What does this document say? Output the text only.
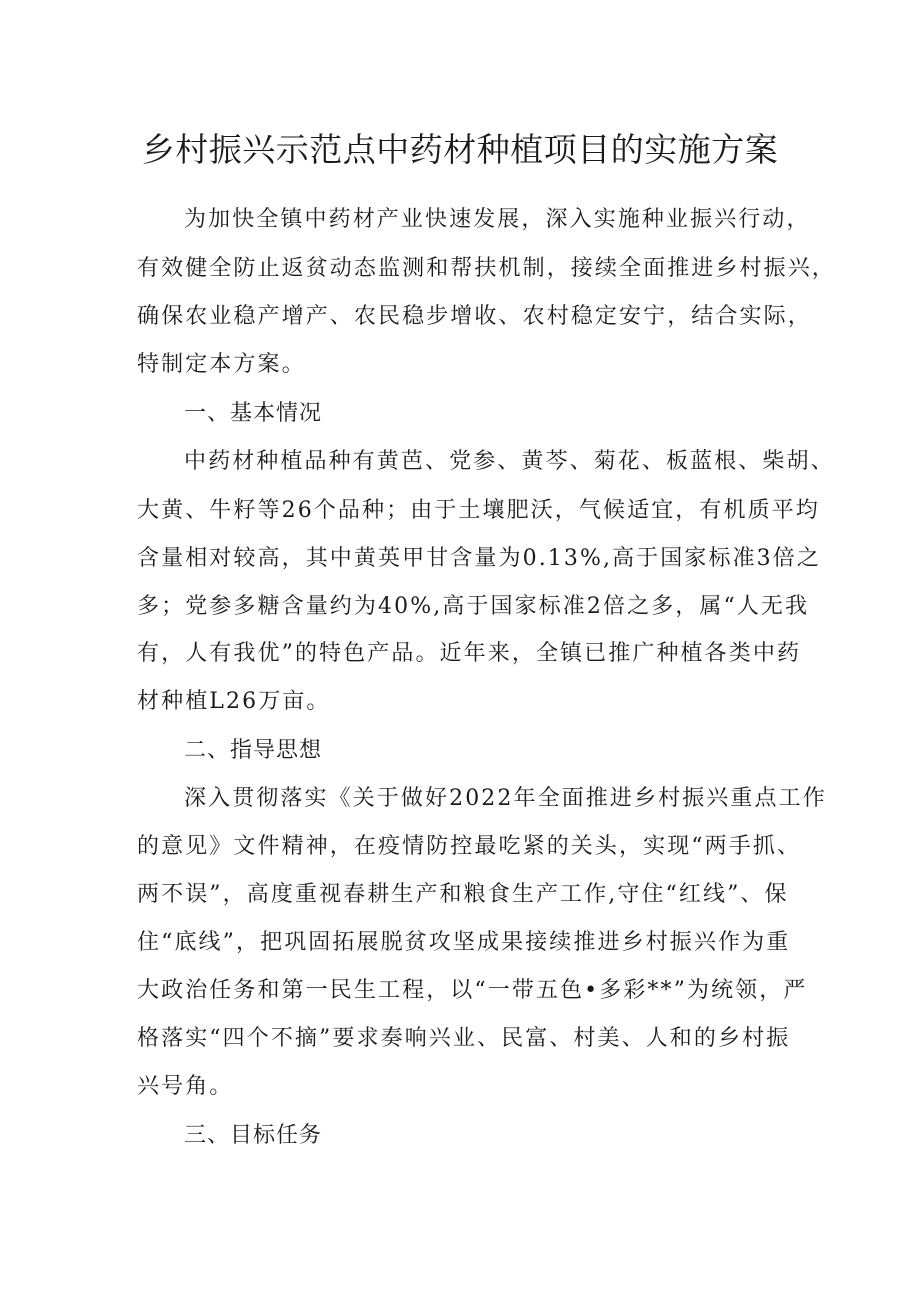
乡村振兴示范点中药材种植项目的实施方案
为加快全镇中药材产业快速发展，深入实施种业振兴行动，
有效健全防止返贫动态监测和帮扶机制，接续全面推进乡村振兴，
确保农业稳产增产、农民稳步增收、农村稳定安宁，结合实际，
特制定本方案。
一、基本情况
中药材种植品种有黄芭、党参、黄芩、菊花、板蓝根、柴胡、
大黄、牛籽等26个品种；由于土壤肥沃，气候适宜，有机质平均
含量相对较高，其中黄英甲甘含量为0.13%,高于国家标准3倍之
多；党参多糖含量约为40%,高于国家标准2倍之多，属“人无我
有，人有我优”的特色产品。近年来，全镇已推广种植各类中药
材种植L26万亩。
二、指导思想
深入贯彻落实《关于做好2022年全面推进乡村振兴重点工作
的意见》文件精神，在疫情防控最吃紧的关头，实现“两手抓、
两不误”，高度重视春耕生产和粮食生产工作,守住“红线”、保
住“底线”，把巩固拓展脱贫攻坚成果接续推进乡村振兴作为重
大政治任务和第一民生工程，以“一带五色•多彩**”为统领，严
格落实“四个不摘”要求奏响兴业、民富、村美、人和的乡村振
兴号角。
三、目标任务
